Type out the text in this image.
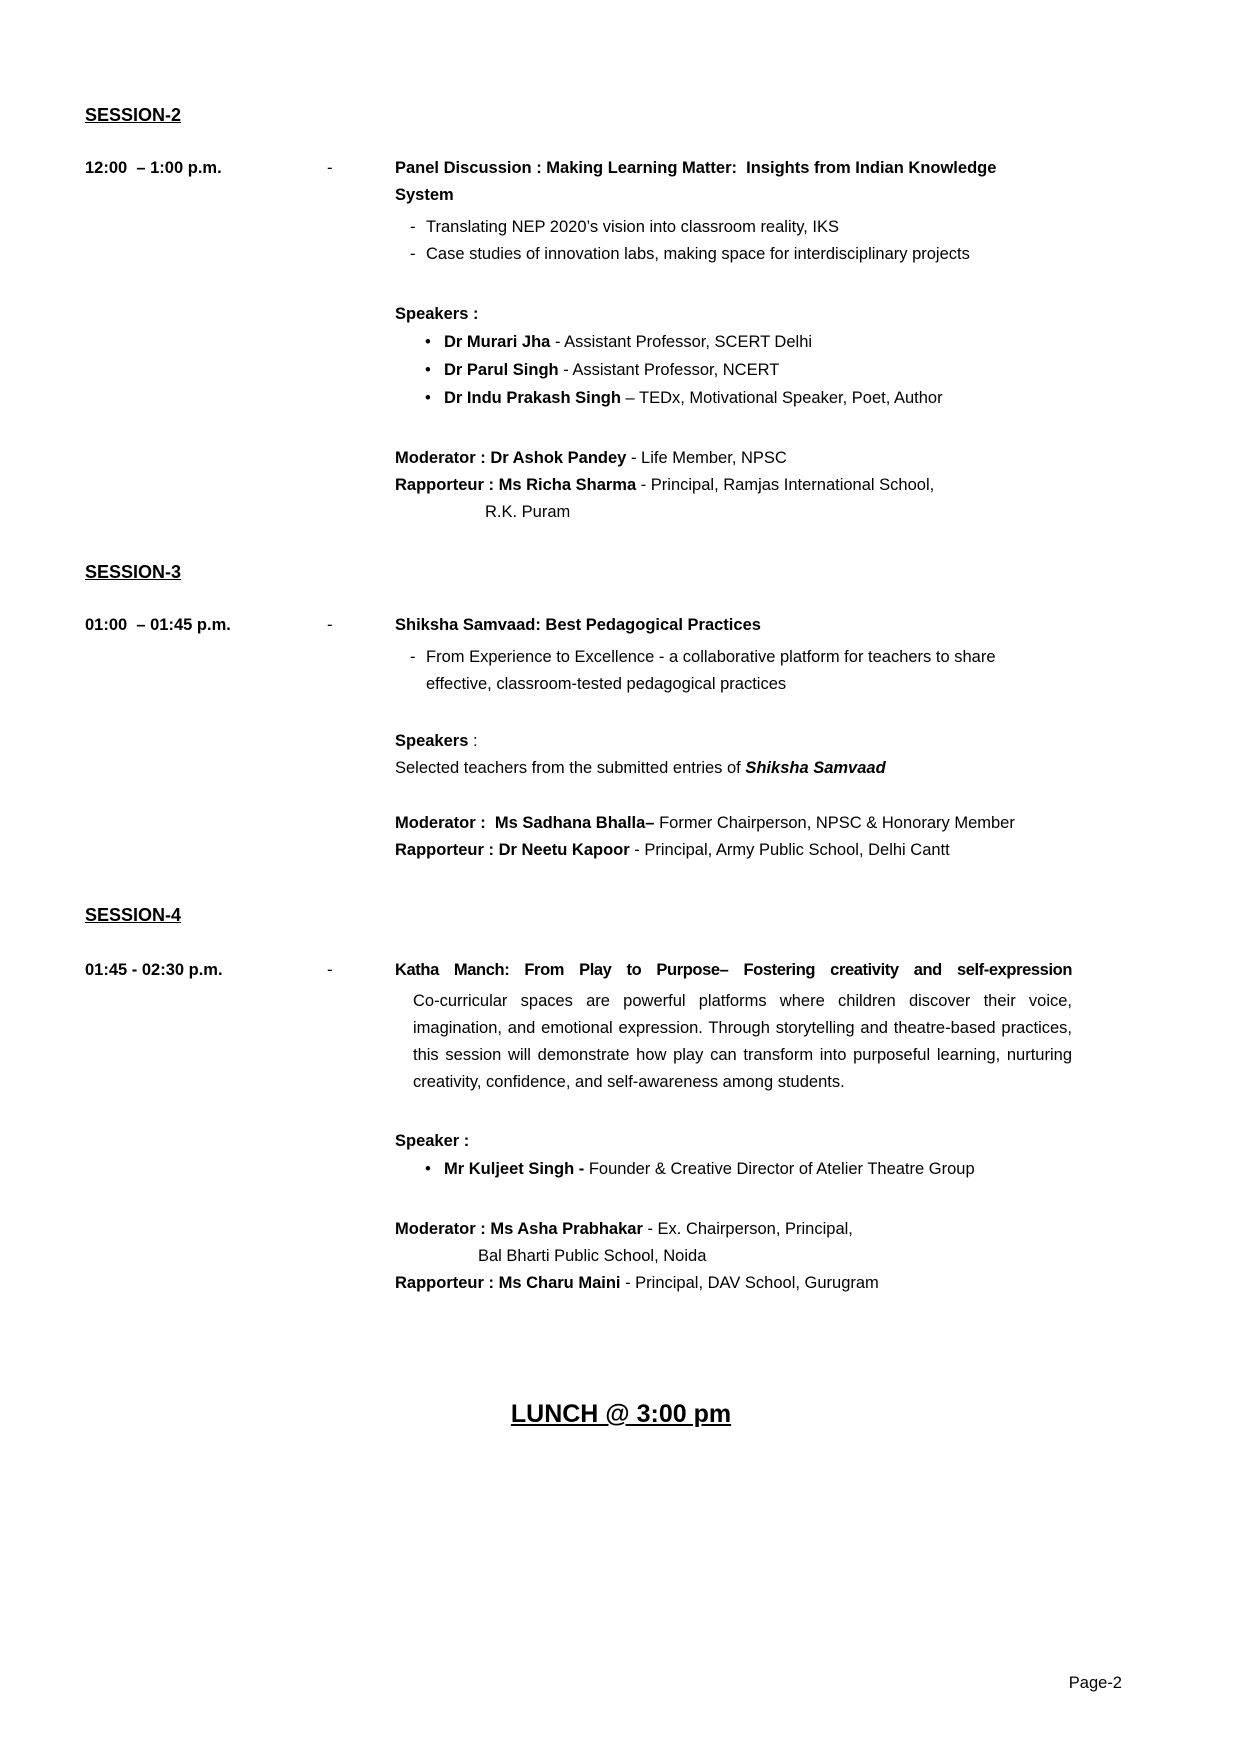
SESSION-2
12:00  – 1:00 p.m.	-	Panel Discussion : Making Learning Matter:  Insights from Indian Knowledge
System
- Translating NEP 2020’s vision into classroom reality, IKS
- Case studies of innovation labs, making space for interdisciplinary projects
Speakers :
• Dr Murari Jha - Assistant Professor, SCERT Delhi
• Dr Parul Singh - Assistant Professor, NCERT
• Dr Indu Prakash Singh – TEDx, Motivational Speaker, Poet, Author
Moderator : Dr Ashok Pandey - Life Member, NPSC
Rapporteur : Ms Richa Sharma - Principal, Ramjas International School,
R.K. Puram
SESSION-3
01:00  – 01:45 p.m.	-	Shiksha Samvaad: Best Pedagogical Practices
- From Experience to Excellence - a collaborative platform for teachers to share
effective, classroom-tested pedagogical practices
Speakers :
Selected teachers from the submitted entries of Shiksha Samvaad
Moderator :  Ms Sadhana Bhalla– Former Chairperson, NPSC & Honorary Member
Rapporteur : Dr Neetu Kapoor - Principal, Army Public School, Delhi Cantt
SESSION-4
01:45 - 02:30 p.m.	-	Katha Manch: From Play to Purpose– Fostering creativity and self-expression
Co-curricular spaces are powerful platforms where children discover their voice, imagination, and emotional expression. Through storytelling and theatre-based practices, this session will demonstrate how play can transform into purposeful learning, nurturing creativity, confidence, and self-awareness among students.
Speaker :
• Mr Kuljeet Singh - Founder & Creative Director of Atelier Theatre Group
Moderator : Ms Asha Prabhakar - Ex. Chairperson, Principal,
Bal Bharti Public School, Noida
Rapporteur : Ms Charu Maini - Principal, DAV School, Gurugram
LUNCH @ 3:00 pm
Page-2
